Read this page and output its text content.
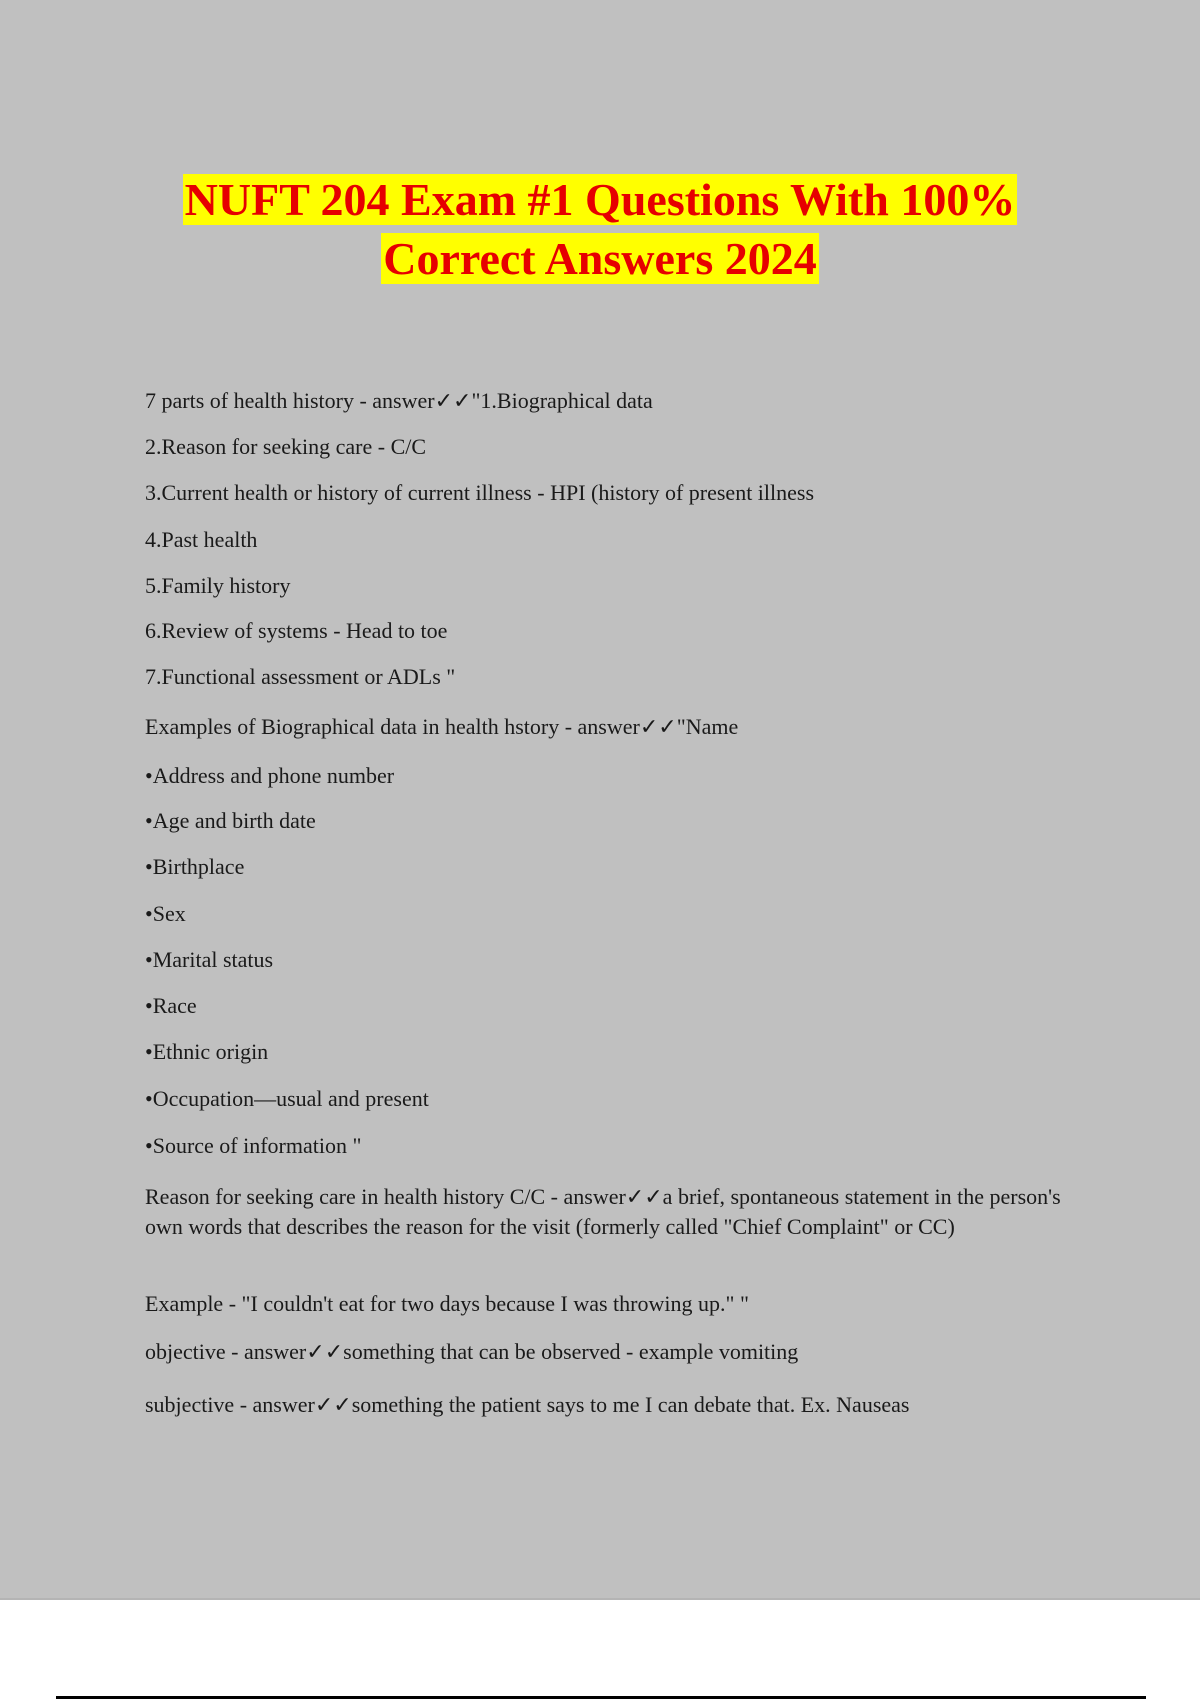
NUFT 204 Exam #1 Questions With 100%
Correct Answers 2024
7 parts of health history - answer✓✓"1.Biographical data
2.Reason for seeking care - C/C
3.Current health or history of current illness - HPI (history of present illness
4.Past health
5.Family history
6.Review of systems - Head to toe
7.Functional assessment or ADLs "
Examples of Biographical data in health hstory - answer✓✓"Name
•Address and phone number
•Age and birth date
•Birthplace
•Sex
•Marital status
•Race
•Ethnic origin
•Occupation—usual and present
•Source of information "
Reason for seeking care in health history C/C - answer✓✓a brief, spontaneous statement in the person's own words that describes the reason for the visit (formerly called "Chief Complaint" or CC)
Example - "I couldn't eat for two days because I was throwing up." "
objective - answer✓✓something that can be observed - example vomiting
subjective - answer✓✓something the patient says to me I can debate that. Ex. Nauseas
